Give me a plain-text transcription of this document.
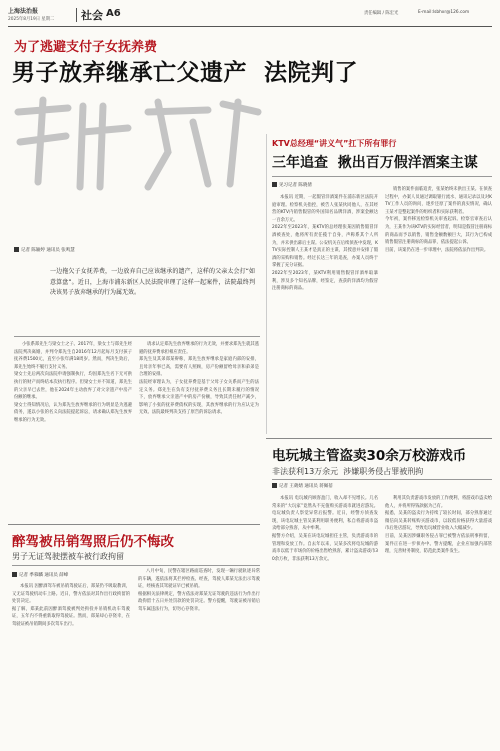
上海法治报
2025年8月19日 星期二 社会 A6	责任编辑 / 陈宏光	E-mail:lsbhxr@126.com
为了逃避支付子女抚养费
男子放弃继承亡父遗产  法院判了
记者 陈颖婷 通讯员 张鸣慧
一边拖欠子女抚养费，一边放弃自己应该继承的遗产，这样的父亲太会打“如意算盘”。近日，上海市浦东新区人民法院审理了这样一起案件，法院最终判决该男子放弃继承的行为属无效。
小张系郑先生与梁女士之子。2017年，梁女士与郑先生经法院判决离婚，并判令郑先生自2016年12月起每月支付孩子抚养费1500元，直至小张年满18周岁。然而，判决生效后，郑先生始终不履行支付义务。
梁女士先后两次向法院申请强制执行，均因郑先生名下无可供执行的财产而终结本次执行程序。但梁女士并不知道，郑先生的父亲早已去世，他在2024年主动放弃了对父亲遗产中房产份额的继承。
梁女士得知情况后，认为郑先生放弃继承的行为明显是为逃避债务，遂以小张的名义向法院提起诉讼，请求确认郑先生放弃继承的行为无效。
请求认定郑先生放弃继承的行为无效，并要求郑先生就其逃避的抚养费承担相应责任。
郑先生及其弟郑某辩称，郑先生放弃继承是家庭内部的安排，且母亲年事已高，需要有人照顾，房产份额留给母亲和弟弟是合理的安排。
法院经审理认为，子女抚养费是基于父母子女关系而产生的法定义务。郑先生在负有支付抚养费义务且长期未履行的情况下，放弃继承父亲遗产中的房产份额，导致其责任财产减少，影响了小张的抚养费债权的实现，其放弃继承的行为应认定为无效。法院最终判决支持了原告的诉讼请求。
KTV总经理“讲义气”扛下所有罪行
三年追查  揪出百万假洋酒案主谋
见习记者 陈晓倩
本报讯 近期，一起假冒洋酒案件在浦东新区法院开庭审理。检察机关指控，被告人张某伙同他人，在其经营的KTV内销售假冒的外国知名品牌洋酒，涉案金额达一百余万元。
2022年至2023年，某KTV的总经理张某因销售假冒洋酒被查处，他将所有责任揽于自身，声称系其个人所为，并未供出幕后主谋。公安机关在后续侦查中发现，KTV实际控制人王某才是真正的主谋，其授意并安排了假酒的采购和销售。经过长达三年的追查，办案人员终于掌握了充分证据。
2022年至2023年，某KTV利用销售假冒洋酒牟取暴利，涉及多个知名品牌，经鉴定，查获的洋酒均为假冒注册商标的商品。
销售的案件面临追责，张某始终未供出王某。在侦查过程中，办案人员通过调取银行流水、通讯记录以及对KTV工作人员的询问，逐步还原了案件的真实情况，确认王某才是整起案件的组织者和实际获利者。
今年初，案件移送检察机关审查起诉。检察官审查后认为，王某作为该KTV的实际经营者，明知是假冒注册商标的商品而予以销售，销售金额数额巨大，其行为已构成销售假冒注册商标的商品罪，依法提起公诉。
目前，该案仍在进一步审理中，法院将依法作出判决。
电玩城主管盗卖30余万校游戏币
非法获利13万余元  涉嫌职务侵占罪被刑拘
记者 王葳婧 通讯员 蒋佩蓓
本报讯 电玩城内顾客盈门，收入却不见增长。几名常来的“大玩家”竟然从不充值购买游戏币就进店游玩。电玩城负责人察觉异常后报警。近日，经警方侦查发现，该电玩城主管吴某利用职务便利，私自将游戏币盗卖给部分熟客，从中牟利。
据警方介绍，吴某在该电玩城担任主管，负责游戏币的管理和发放工作。自去年以来，吴某多次将电玩城的游戏币以低于市场价的价格出售给熟客，累计盗卖游戏币30余万枚，非法获利13万余元。
利用其负责游戏币发放的工作便利，将游戏币盗卖给他人，并将所得钱款据为己有。
据悉，吴某的盗卖行为持续了较长时间，部分熟客通过微信向吴某转账购买游戏币，以较低价格获得大量游戏币后进店游玩，导致电玩城营业收入大幅减少。
目前，吴某因涉嫌职务侵占罪已被警方依法刑事拘留，案件正在进一步侦办中。警方提醒，企业应加强内部管理，完善财务制度，防范此类案件发生。
醉驾被吊销驾照后仍不悔改
男子无证驾驶摆被车被行政拘留
记者 季慕麟 通讯员 薛峰
本报讯 因醉酒驾车被吊销驾驶证后，郑某仍不吸取教训，又无证驾驶机动车上路。近日，警方依法对其作出行政拘留的处罚决定。
据了解，郑某此前因醉酒驾驶被判处拘役并吊销机动车驾驶证，五年内不得重新取得驾驶证。然而，郑某却心存侥幸，在驾驶证被吊销期间多次驾车出行。
八月中旬，民警在辖区路面巡查时，发现一辆行驶轨迹异常的车辆，遂依法将其拦停检查。经查，驾驶人郑某无法出示驾驶证，经核查其驾驶证早已被吊销。
根据相关法律规定，警方依法对郑某无证驾驶的违法行为作出行政拘留十五日并处罚款的处罚决定。警方提醒，驾驶证被吊销后驾车属违法行为，切勿心存侥幸。
